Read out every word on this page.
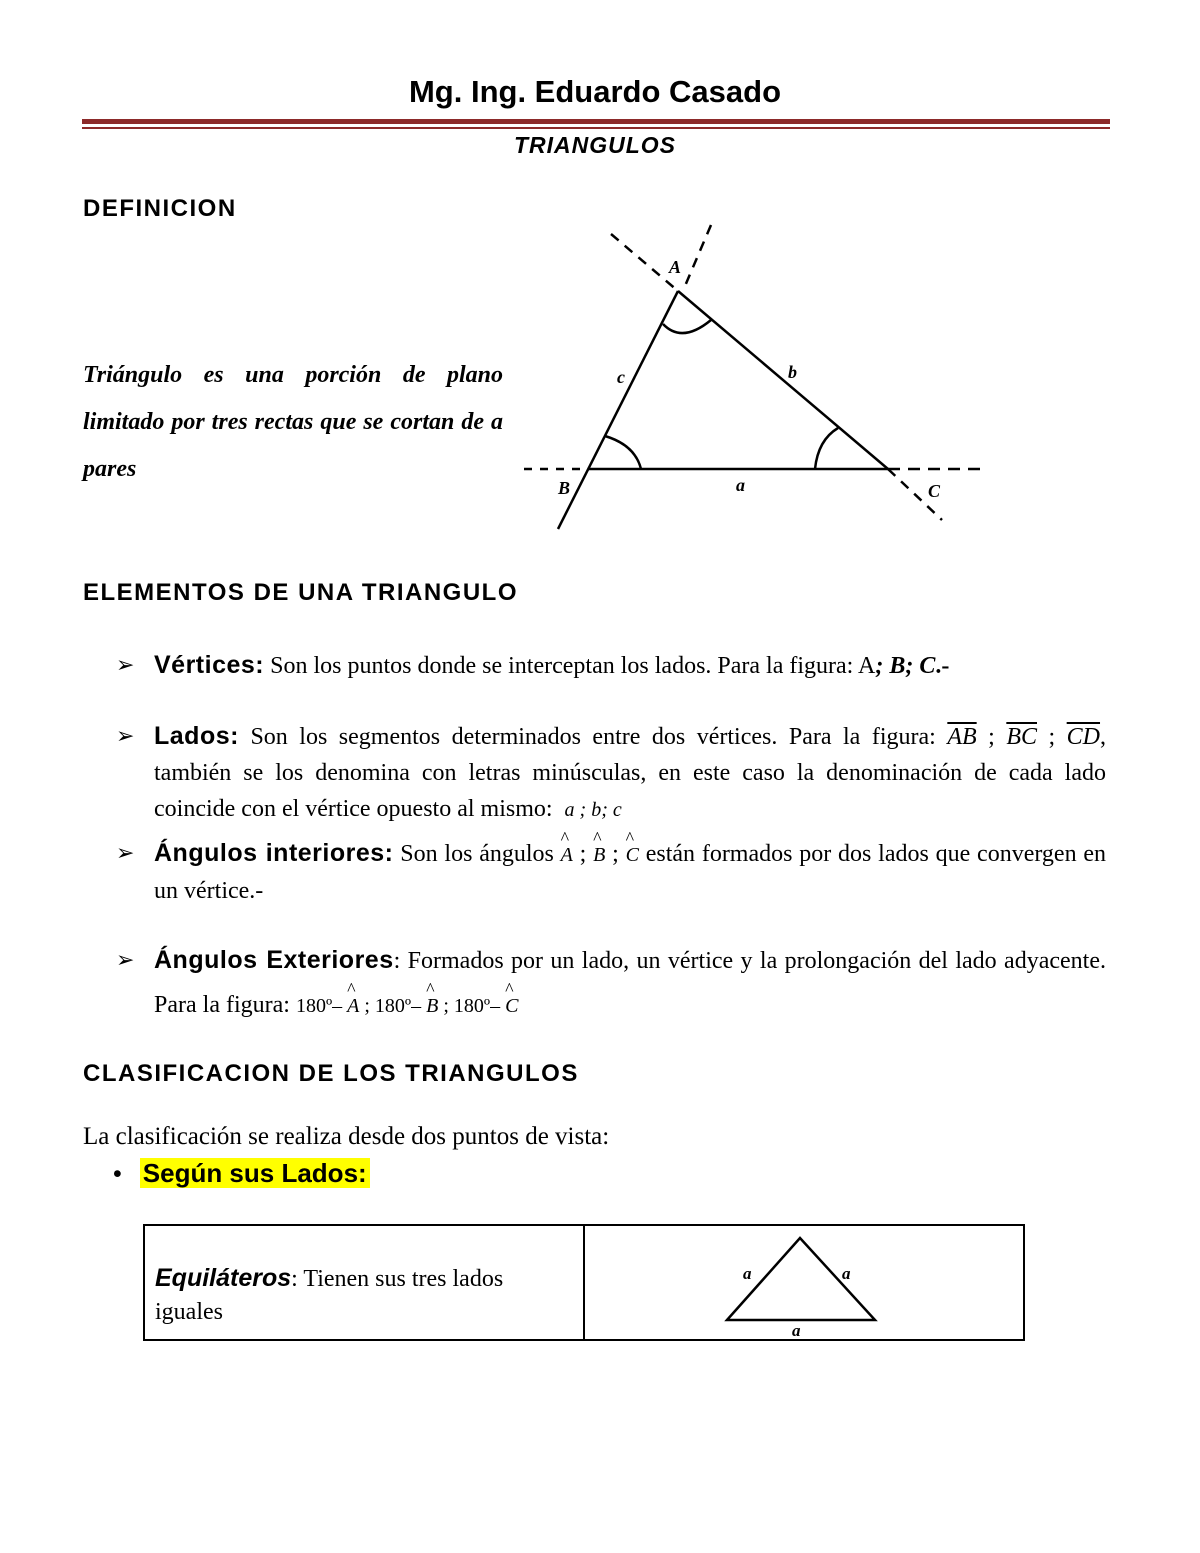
Mg. Ing. Eduardo Casado
TRIANGULOS
DEFINICION
Triángulo es una porción de plano limitado por tres rectas que se cortan de a pares
A
B	C
a
b
c
ELEMENTOS DE UNA TRIANGULO
➢ Vértices: Son los puntos donde se interceptan los lados. Para la figura: A; B; C.-
➢ Lados: Son los segmentos determinados entre dos vértices. Para la figura: $\overline{AB}$ ; $\overline{BC}$ ; $\overline{CD}$, también se los denomina con letras minúsculas, en este caso la denominación de cada lado coincide con el vértice opuesto al mismo: a ; b; c
➢ Ángulos interiores: Son los ángulos ^ A ; ^ B ; ^ C están formados por dos lados que convergen en un vértice.-
➢ Ángulos Exteriores: Formados por un lado, un vértice y la prolongación del lado adyacente. Para la figura: 180º– ^ A ; 180º– ^ B ; 180º– ^ C
CLASIFICACION DE LOS TRIANGULOS
La clasificación se realiza desde dos puntos de vista:
• Según sus Lados:
Equiláteros: Tienen sus tres lados iguales
a	a
a
